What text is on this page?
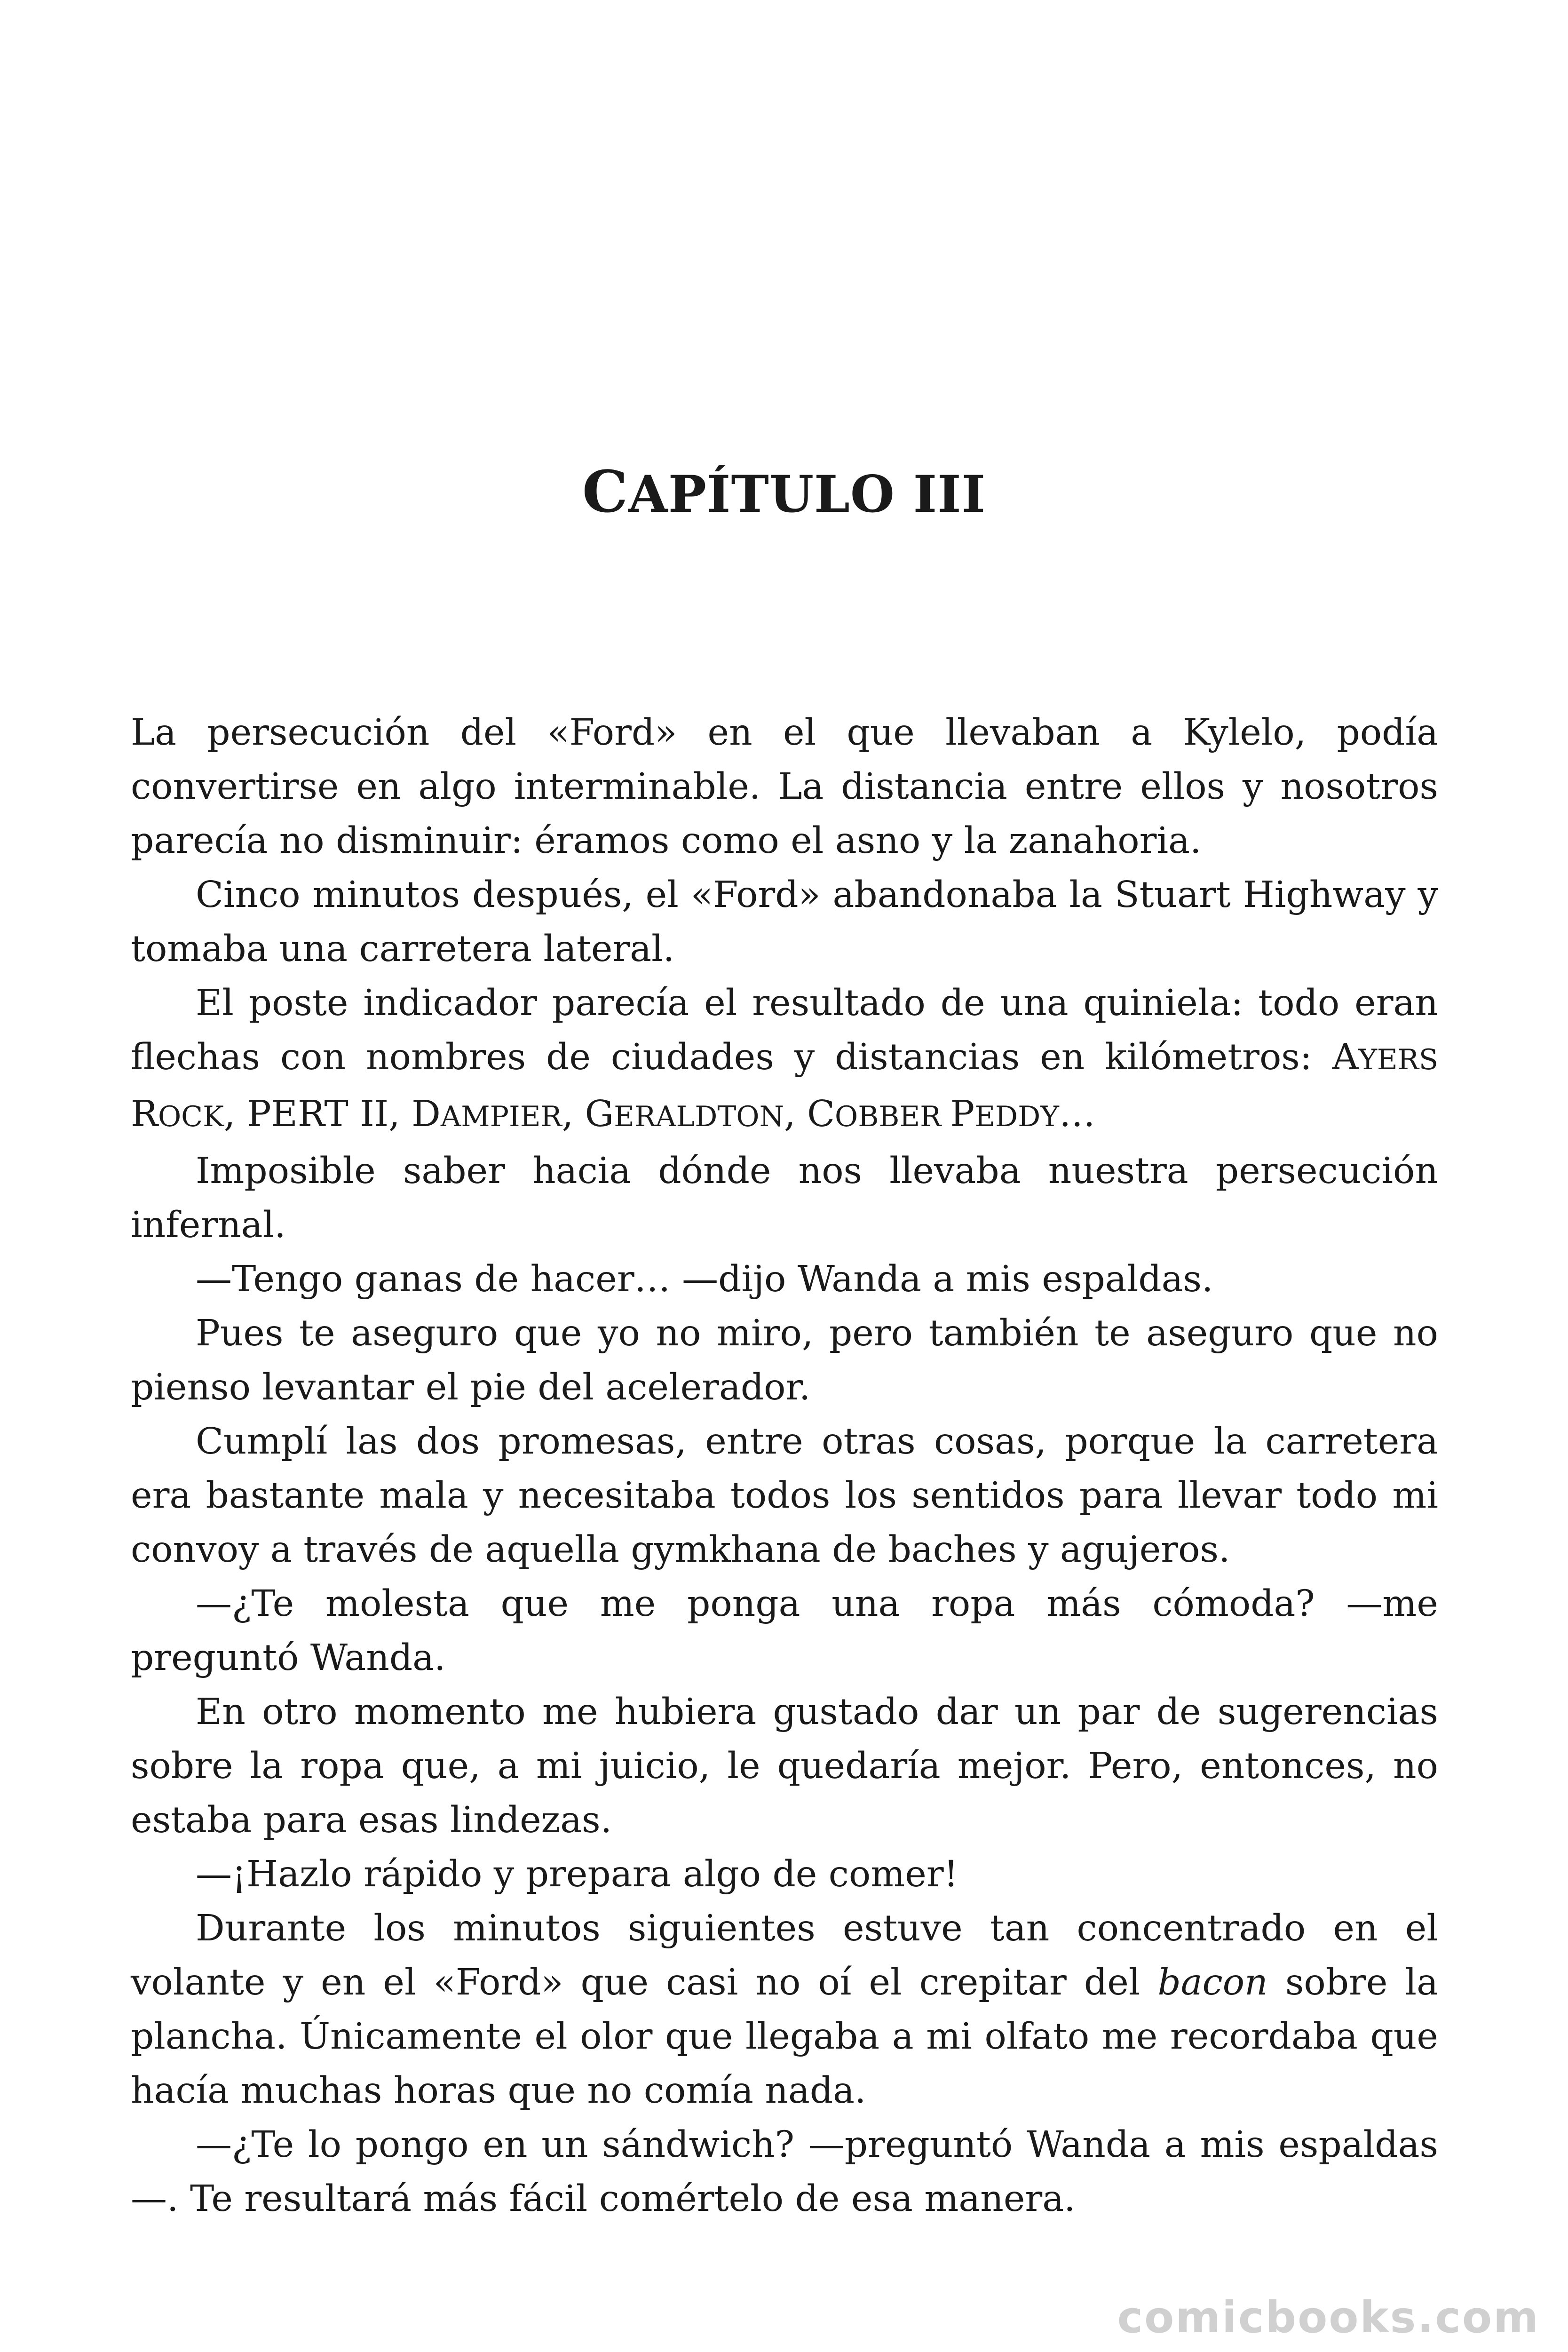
CAPÍTULO III

La persecución del «Ford» en el que llevaban a Kylelo, podía convertirse en algo interminable. La distancia entre ellos y nosotros parecía no disminuir: éramos como el asno y la zanahoria.

Cinco minutos después, el «Ford» abandonaba la Stuart Highway y tomaba una carretera lateral.

El poste indicador parecía el resultado de una quiniela: todo eran flechas con nombres de ciudades y distancias en kilómetros: AYERS ROCK, PERT II, DAMPIER, GERALDTON, COBBER PEDDY…

Imposible saber hacia dónde nos llevaba nuestra persecución infernal.

—Tengo ganas de hacer… —dijo Wanda a mis espaldas.

Pues te aseguro que yo no miro, pero también te aseguro que no pienso levantar el pie del acelerador.

Cumplí las dos promesas, entre otras cosas, porque la carretera era bastante mala y necesitaba todos los sentidos para llevar todo mi convoy a través de aquella gymkhana de baches y agujeros.

—¿Te molesta que me ponga una ropa más cómoda? —me preguntó Wanda.

En otro momento me hubiera gustado dar un par de sugerencias sobre la ropa que, a mi juicio, le quedaría mejor. Pero, entonces, no estaba para esas lindezas.

—¡Hazlo rápido y prepara algo de comer!

Durante los minutos siguientes estuve tan concentrado en el volante y en el «Ford» que casi no oí el crepitar del bacon sobre la plancha. Únicamente el olor que llegaba a mi olfato me recordaba que hacía muchas horas que no comía nada.

—¿Te lo pongo en un sándwich? —preguntó Wanda a mis espaldas—. Te resultará más fácil comértelo de esa manera.

comicbooks.com
